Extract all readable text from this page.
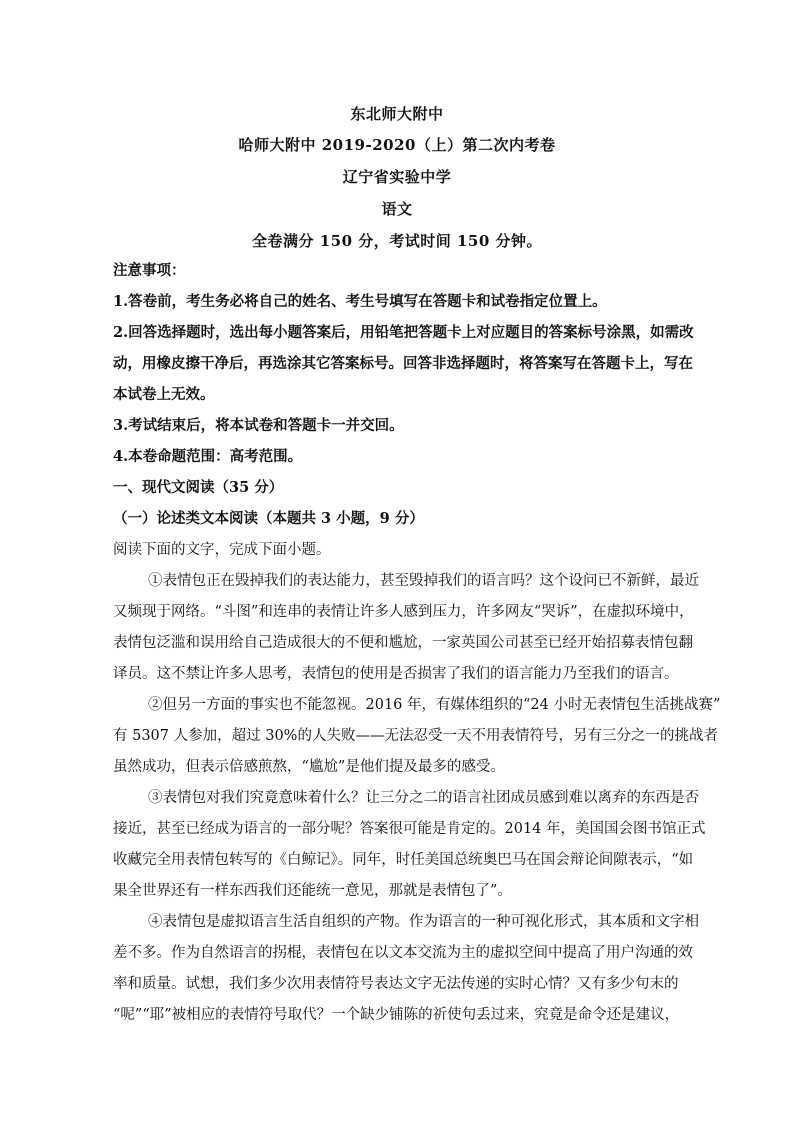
东北师大附中
哈师大附中 2019-2020（上）第二次内考卷
辽宁省实验中学
语文
全卷满分 150 分，考试时间 150 分钟。
注意事项：
1.答卷前，考生务必将自己的姓名、考生号填写在答题卡和试卷指定位置上。
2.回答选择题时，选出每小题答案后，用铅笔把答题卡上对应题目的答案标号涂黑，如需改
动，用橡皮擦干净后，再选涂其它答案标号。回答非选择题时，将答案写在答题卡上，写在
本试卷上无效。
3.考试结束后，将本试卷和答题卡一并交回。
4.本卷命题范围：高考范围。
一、现代文阅读（35 分）
（一）论述类文本阅读（本题共 3 小题，9 分）
阅读下面的文字，完成下面小题。
①表情包正在毁掉我们的表达能力，甚至毁掉我们的语言吗？这个设问已不新鲜，最近
又频现于网络。“斗图”和连串的表情让许多人感到压力，许多网友“哭诉”，在虚拟环境中，
表情包泛滥和误用给自己造成很大的不便和尴尬，一家英国公司甚至已经开始招募表情包翻
译员。这不禁让许多人思考，表情包的使用是否损害了我们的语言能力乃至我们的语言。
②但另一方面的事实也不能忽视。2016 年，有媒体组织的“24 小时无表情包生活挑战赛”
有 5307 人参加，超过 30%的人失败——无法忍受一天不用表情符号，另有三分之一的挑战者
虽然成功，但表示倍感煎熬，“尴尬”是他们提及最多的感受。
③表情包对我们究竟意味着什么？让三分之二的语言社团成员感到难以离弃的东西是否
接近，甚至已经成为语言的一部分呢？答案很可能是肯定的。2014 年，美国国会图书馆正式
收藏完全用表情包转写的《白鲸记》。同年，时任美国总统奥巴马在国会辩论间隙表示，“如
果全世界还有一样东西我们还能统一意见，那就是表情包了”。
④表情包是虚拟语言生活自组织的产物。作为语言的一种可视化形式，其本质和文字相
差不多。作为自然语言的拐棍，表情包在以文本交流为主的虚拟空间中提高了用户沟通的效
率和质量。试想，我们多少次用表情符号表达文字无法传递的实时心情？又有多少句末的
“呢”“耶”被相应的表情符号取代？一个缺少铺陈的祈使句丢过来，究竟是命令还是建议，
